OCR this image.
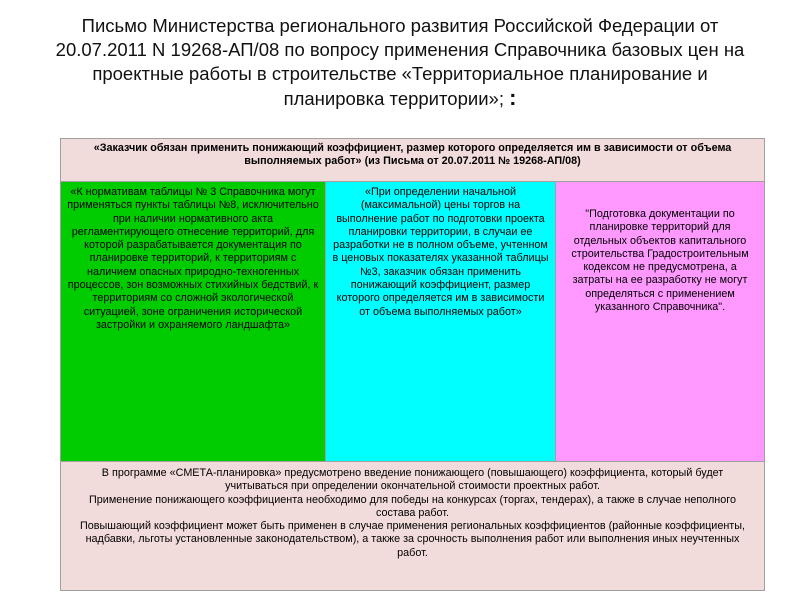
Письмо Министерства регионального развития Российской Федерации от 20.07.2011 N 19268-АП/08 по вопросу применения Справочника базовых цен на проектные работы в строительстве «Территориальное планирование и планировка территории»; :
«Заказчик обязан применить понижающий коэффициент, размер которого определяется им в зависимости от объема выполняемых работ» (из Письма от 20.07.2011 № 19268-АП/08)

«К нормативам таблицы № 3 Справочника могут применяться пункты таблицы №8, исключительно при наличии нормативного акта регламентирующего отнесение территорий, для которой разрабатывается документация по планировке территорий, к территориям с наличием опасных природно-техногенных процессов, зон возможных стихийных бедствий, к территориям со сложной экологической ситуацией, зоне ограничения исторической застройки и охраняемого ландшафта»

«При определении начальной (максимальной) цены торгов на выполнение работ по подготовки проекта планировки территории, в случаи ее разработки не в полном объеме, учтенном в ценовых показателях указанной таблицы №3, заказчик обязан применить понижающий коэффициент, размер которого определяется им в зависимости от объема выполняемых работ»

"Подготовка документации по планировке территорий для отдельных объектов капитального строительства Градостроительным кодексом не предусмотрена, а затраты на ее разработку не могут определяться с применением указанного Справочника".

В программе «СМЕТА-планировка» предусмотрено введение понижающего (повышающего) коэффициента, который будет учитываться при определении окончательной стоимости проектных работ.

Применение понижающего коэффициента необходимо для победы на конкурсах (торгах, тендерах), а также в случае неполного состава работ.

Повышающий коэффициент может быть применен в случае применения региональных коэффициентов (районные коэффициенты, надбавки, льготы установленные законодательством), а также за срочность выполнения работ или выполнения иных неучтенных работ.
